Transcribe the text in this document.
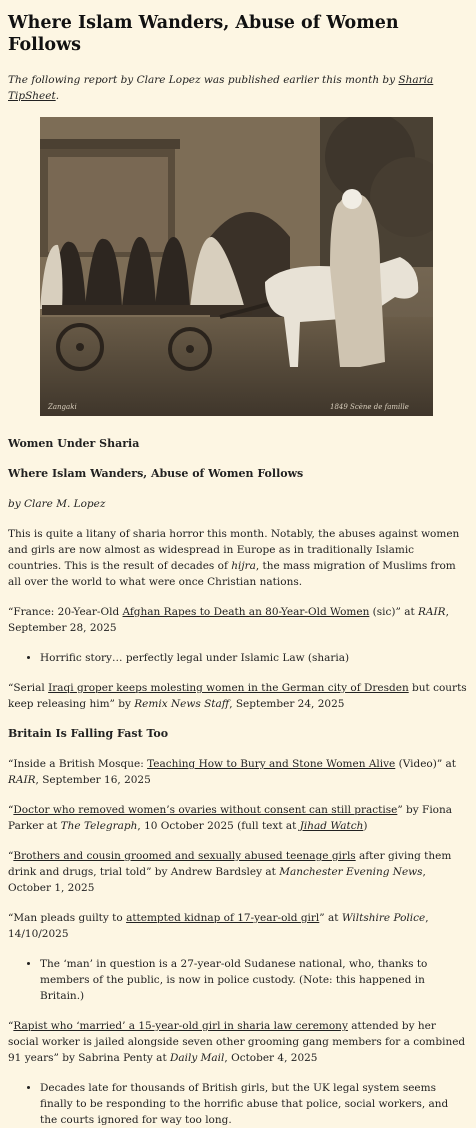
Where Islam Wanders, Abuse of Women Follows

The following report by Clare Lopez was published earlier this month by Sharia TipSheet.

Zangaki	1849 Scène de famille

Women Under Sharia

Where Islam Wanders, Abuse of Women Follows

by Clare M. Lopez

This is quite a litany of sharia horror this month. Notably, the abuses against women and girls are now almost as widespread in Europe as in traditionally Islamic countries. This is the result of decades of hijra, the mass migration of Muslims from all over the world to what were once Christian nations.

“France: 20-Year-Old Afghan Rapes to Death an 80-Year-Old Women (sic)” at RAIR, September 28, 2025

• Horrific story… perfectly legal under Islamic Law (sharia)

“Serial Iraqi groper keeps molesting women in the German city of Dresden but courts keep releasing him” by Remix News Staff, September 24, 2025

Britain Is Falling Fast Too

“Inside a British Mosque: Teaching How to Bury and Stone Women Alive (Video)” at RAIR, September 16, 2025

“Doctor who removed women’s ovaries without consent can still practise” by Fiona Parker at The Telegraph, 10 October 2025 (full text at Jihad Watch)

“Brothers and cousin groomed and sexually abused teenage girls after giving them drink and drugs, trial told” by Andrew Bardsley at Manchester Evening News, October 1, 2025

“Man pleads guilty to attempted kidnap of 17-year-old girl” at Wiltshire Police, 14/10/2025

• The ‘man’ in question is a 27-year-old Sudanese national, who, thanks to members of the public, is now in police custody. (Note: this happened in Britain.)

“Rapist who ‘married’ a 15-year-old girl in sharia law ceremony attended by her social worker is jailed alongside seven other grooming gang members for a combined 91 years” by Sabrina Penty at Daily Mail, October 4, 2025

• Decades late for thousands of British girls, but the UK legal system seems finally to be responding to the horrific abuse that police, social workers, and the courts ignored for way too long.
